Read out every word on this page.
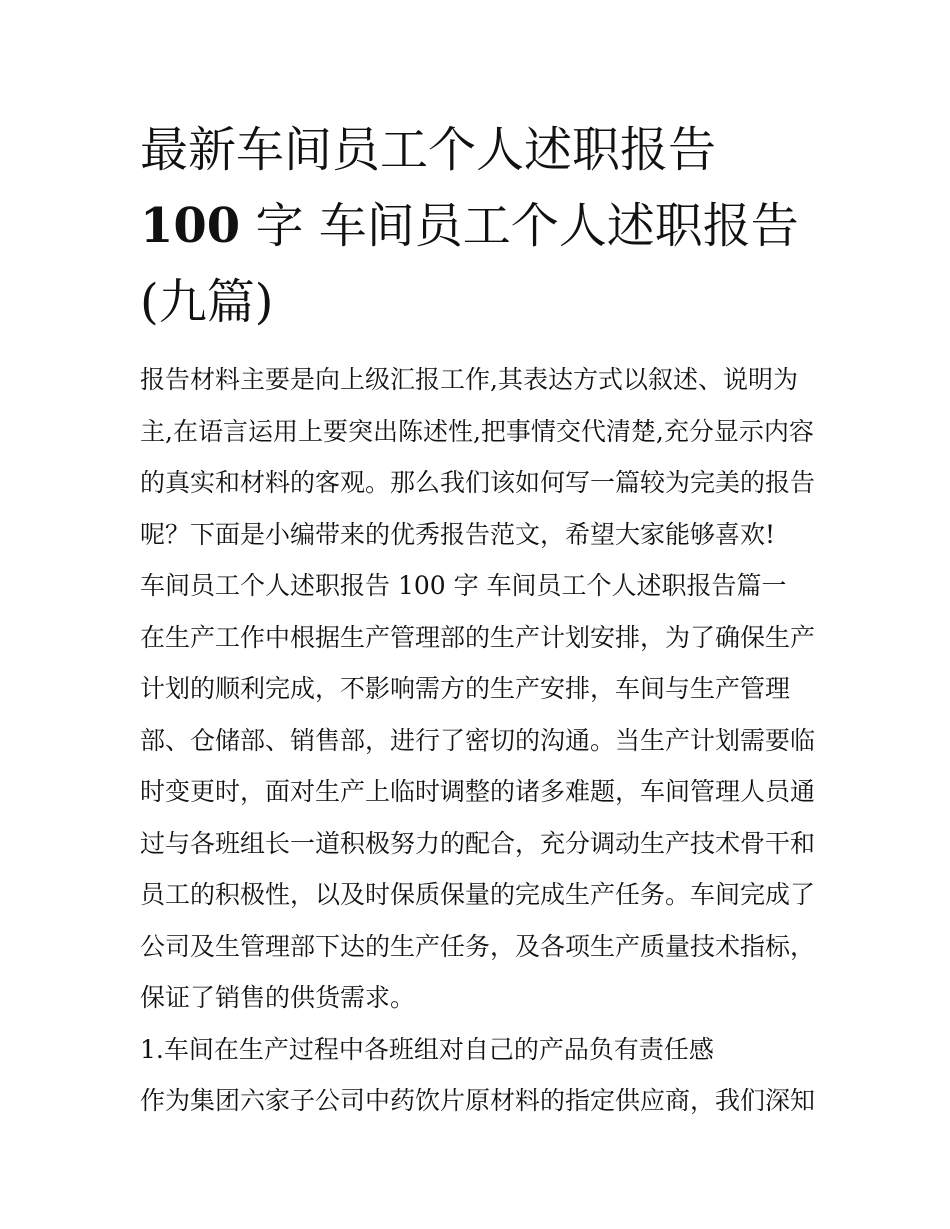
最新车间员工个人述职报告
100 字 车间员工个人述职报告
(九篇)
报告材料主要是向上级汇报工作,其表达方式以叙述、说明为
主,在语言运用上要突出陈述性,把事情交代清楚,充分显示内容
的真实和材料的客观。那么我们该如何写一篇较为完美的报告
呢？下面是小编带来的优秀报告范文，希望大家能够喜欢!
车间员工个人述职报告 100 字 车间员工个人述职报告篇一
在生产工作中根据生产管理部的生产计划安排，为了确保生产
计划的顺利完成，不影响需方的生产安排，车间与生产管理
部、仓储部、销售部，进行了密切的沟通。当生产计划需要临
时变更时，面对生产上临时调整的诸多难题，车间管理人员通
过与各班组长一道积极努力的配合，充分调动生产技术骨干和
员工的积极性，以及时保质保量的完成生产任务。车间完成了
公司及生管理部下达的生产任务，及各项生产质量技术指标，
保证了销售的供货需求。
1.车间在生产过程中各班组对自己的产品负有责任感
作为集团六家子公司中药饮片原材料的指定供应商，我们深知
